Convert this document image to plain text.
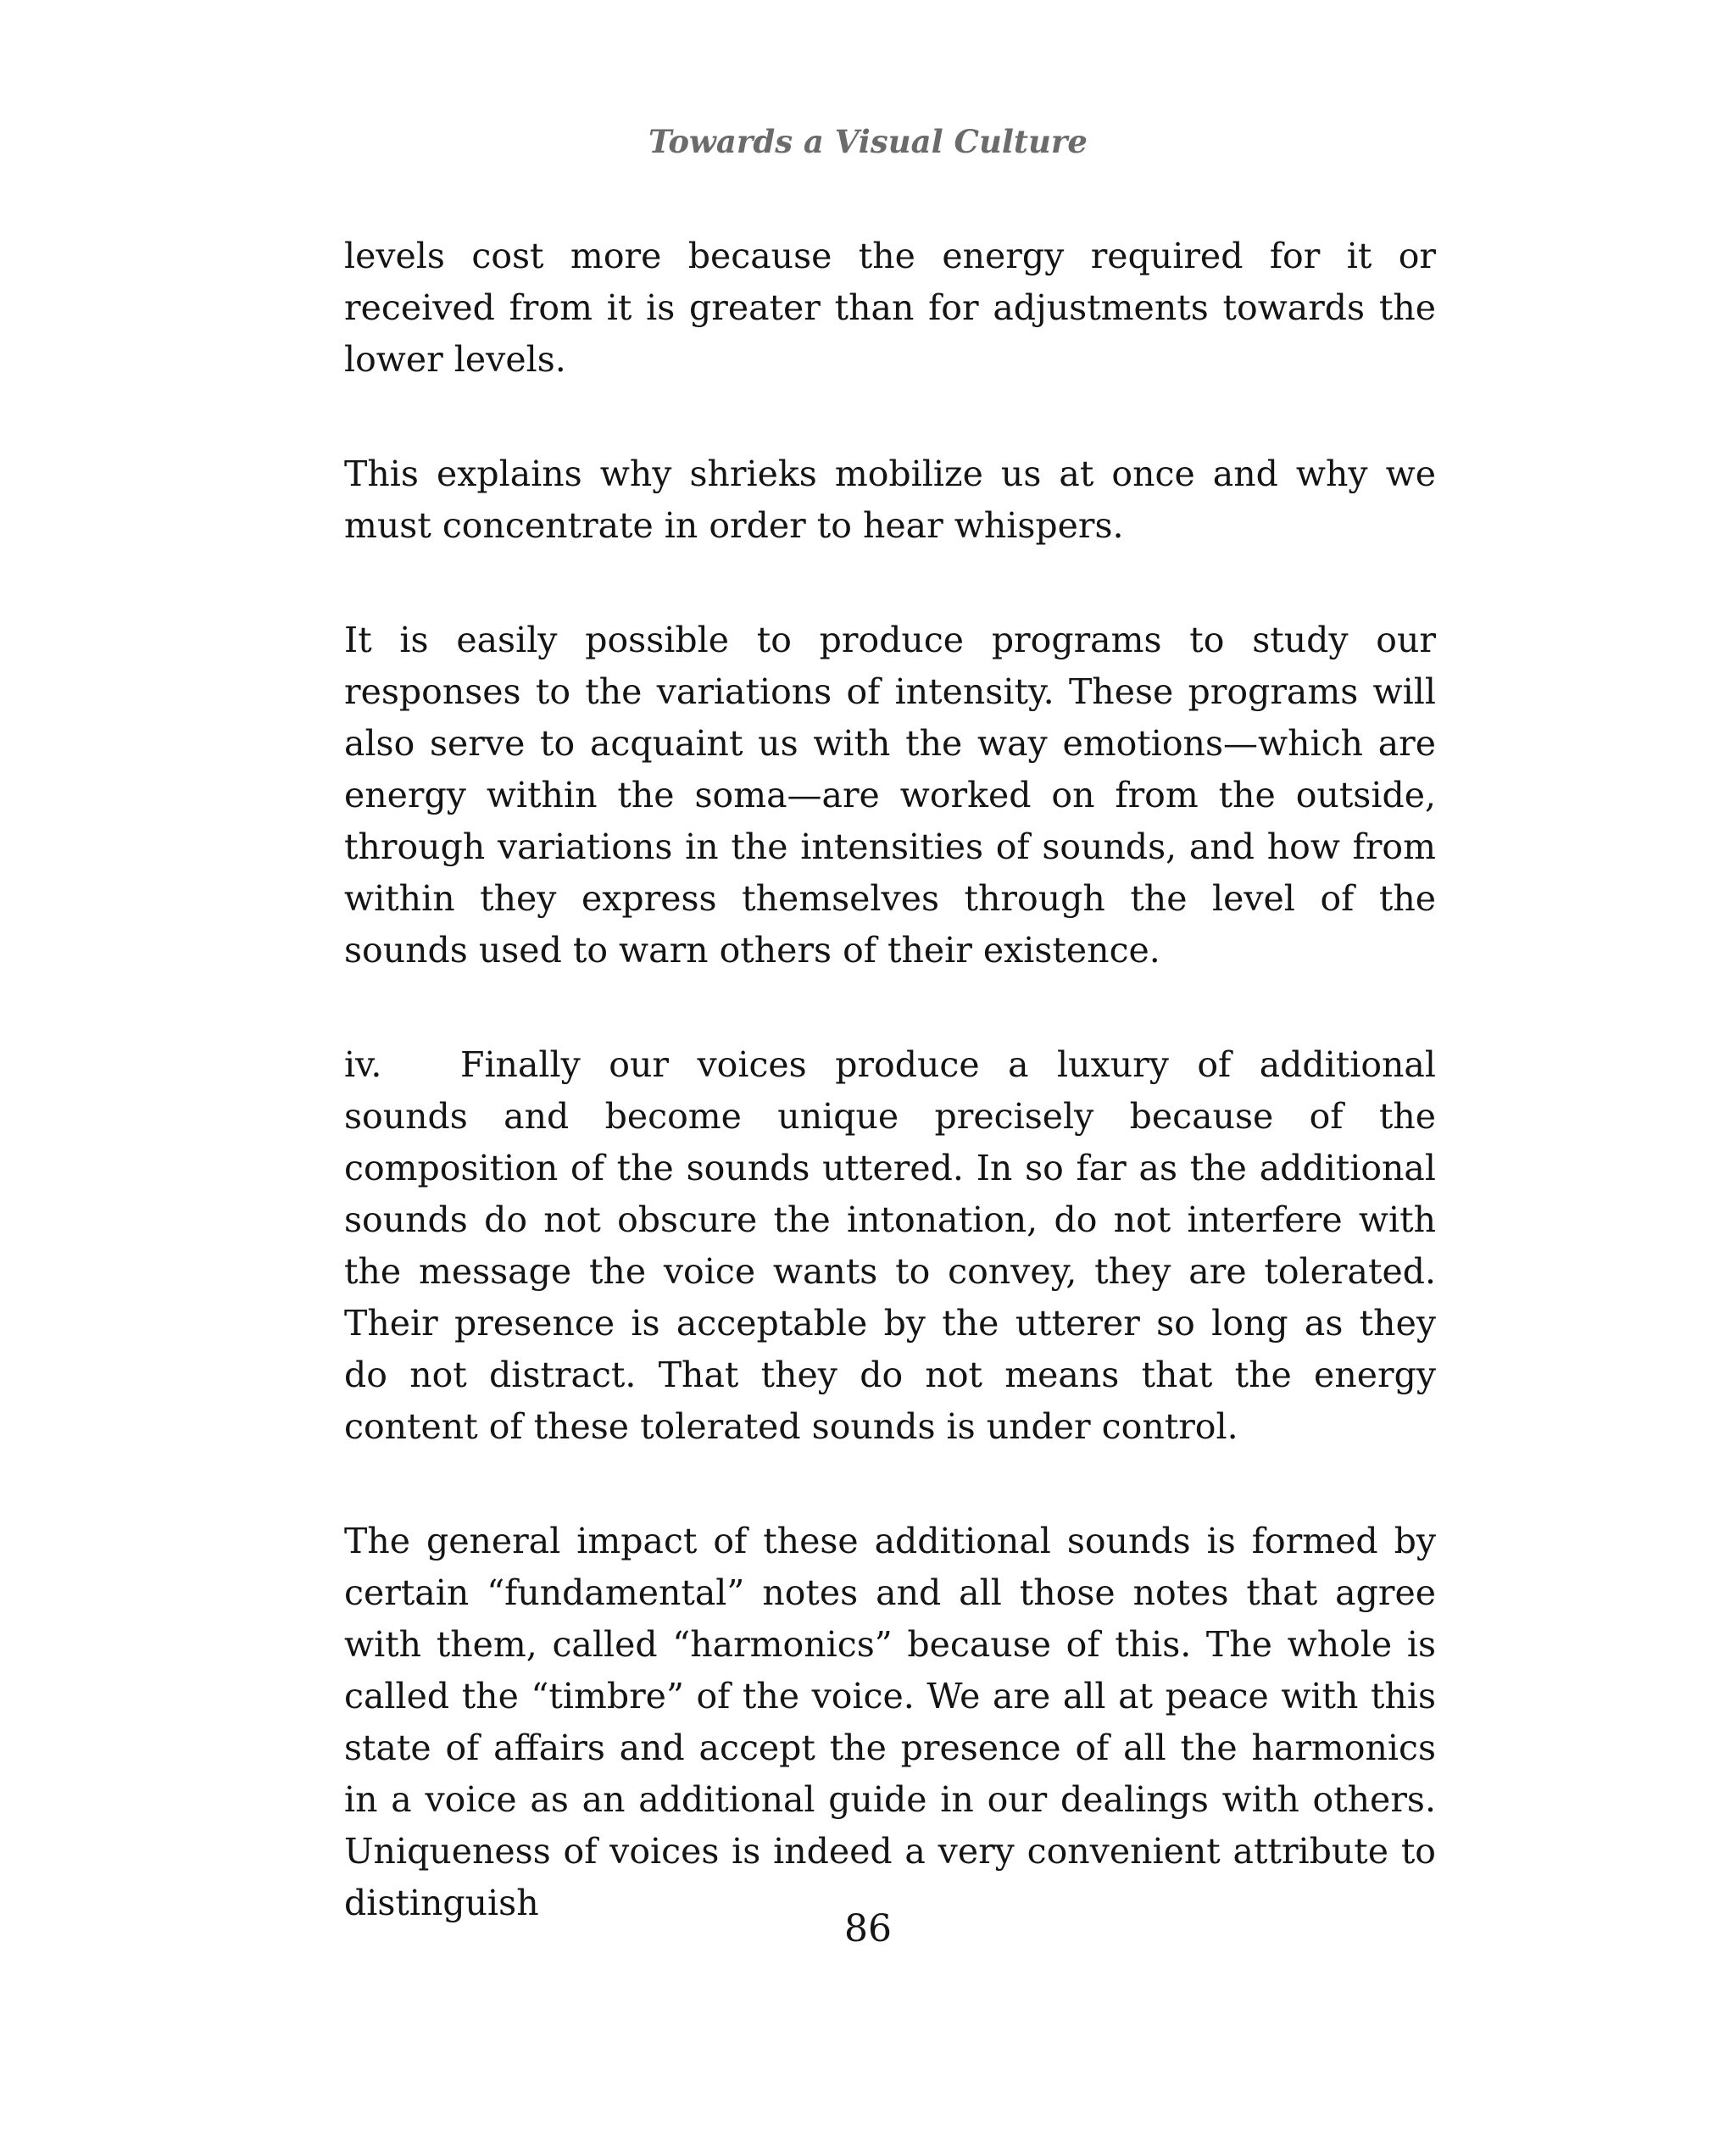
Towards a Visual Culture

levels cost more because the energy required for it or received from it is greater than for adjustments towards the lower levels.

This explains why shrieks mobilize us at once and why we must concentrate in order to hear whispers.

It is easily possible to produce programs to study our responses to the variations of intensity. These programs will also serve to acquaint us with the way emotions—which are energy within the soma—are worked on from the outside, through variations in the intensities of sounds, and how from within they express themselves through the level of the sounds used to warn others of their existence.

iv. Finally our voices produce a luxury of additional sounds and become unique precisely because of the composition of the sounds uttered. In so far as the additional sounds do not obscure the intonation, do not interfere with the message the voice wants to convey, they are tolerated. Their presence is acceptable by the utterer so long as they do not distract. That they do not means that the energy content of these tolerated sounds is under control.

The general impact of these additional sounds is formed by certain “fundamental” notes and all those notes that agree with them, called “harmonics” because of this. The whole is called the “timbre” of the voice. We are all at peace with this state of affairs and accept the presence of all the harmonics in a voice as an additional guide in our dealings with others. Uniqueness of voices is indeed a very convenient attribute to distinguish

86
